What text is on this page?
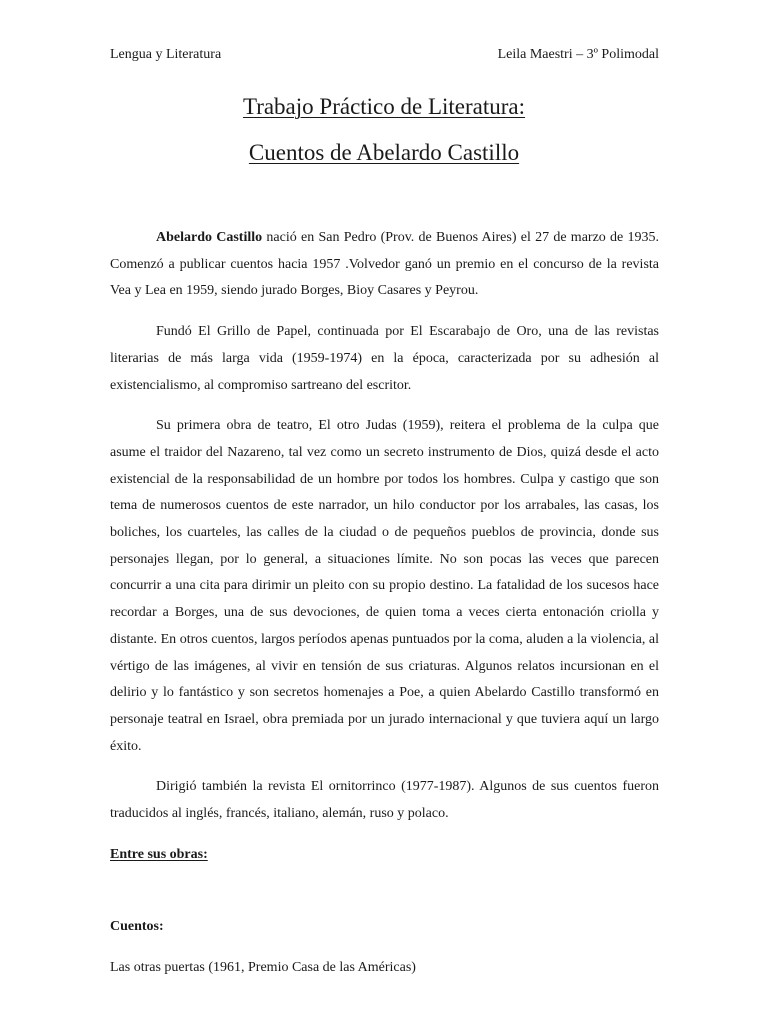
Lengua y Literatura	Leila Maestri – 3º Polimodal
Trabajo Práctico de Literatura:
Cuentos de Abelardo Castillo

Abelardo Castillo nació en San Pedro (Prov. de Buenos Aires) el 27 de marzo de 1935. Comenzó a publicar cuentos hacia 1957 .Volvedor ganó un premio en el concurso de la revista Vea y Lea en 1959, siendo jurado Borges, Bioy Casares y Peyrou.

Fundó El Grillo de Papel, continuada por El Escarabajo de Oro, una de las revistas literarias de más larga vida (1959-1974) en la época, caracterizada por su adhesión al existencialismo, al compromiso sartreano del escritor.

Su primera obra de teatro, El otro Judas (1959), reitera el problema de la culpa que asume el traidor del Nazareno, tal vez como un secreto instrumento de Dios, quizá desde el acto existencial de la responsabilidad de un hombre por todos los hombres. Culpa y castigo que son tema de numerosos cuentos de este narrador, un hilo conductor por los arrabales, las casas, los boliches, los cuarteles, las calles de la ciudad o de pequeños pueblos de provincia, donde sus personajes llegan, por lo general, a situaciones límite. No son pocas las veces que parecen concurrir a una cita para dirimir un pleito con su propio destino. La fatalidad de los sucesos hace recordar a Borges, una de sus devociones, de quien toma a veces cierta entonación criolla y distante. En otros cuentos, largos períodos apenas puntuados por la coma, aluden a la violencia, al vértigo de las imágenes, al vivir en tensión de sus criaturas. Algunos relatos incursionan en el delirio y lo fantástico y son secretos homenajes a Poe, a quien Abelardo Castillo transformó en personaje teatral en Israel, obra premiada por un jurado internacional y que tuviera aquí un largo éxito.

Dirigió también la revista El ornitorrinco (1977-1987). Algunos de sus cuentos fueron traducidos al inglés, francés, italiano, alemán, ruso y polaco.

Entre sus obras:

Cuentos:

Las otras puertas (1961, Premio Casa de las Américas)
